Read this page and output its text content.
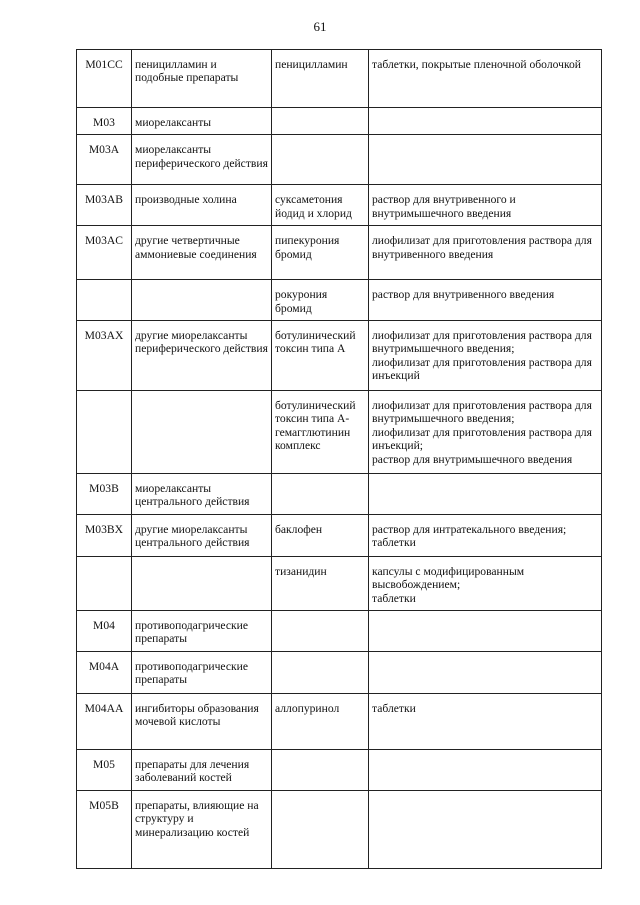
61
M01CC	пеницилламин и подобные препараты	пеницилламин	таблетки, покрытые пленочной оболочкой

M03	миорелаксанты		
M03A	миорелаксанты периферического действия		
M03AB	производные холина	суксаметония йодид и хлорид	раствор для внутривенного и внутримышечного введения

M03AC	другие четвертичные аммониевые соединения	пипекурония бромид	лиофилизат для приготовления раствора для внутривенного введения

		рокурония бромид	раствор для внутривенного введения

M03AX	другие миорелаксанты периферического действия	ботулинический токсин типа А	лиофилизат для приготовления раствора для внутримышечного введения;
лиофилизат для приготовления раствора для инъекций

		ботулинический токсин типа А-гемагглютинин комплекс	лиофилизат для приготовления раствора для внутримышечного введения;
лиофилизат для приготовления раствора для инъекций;
раствор для внутримышечного введения

M03B	миорелаксанты центрального действия		
M03BX	другие миорелаксанты центрального действия	баклофен	раствор для интратекального введения;
таблетки

		тизанидин	капсулы с модифицированным высвобождением;
таблетки

M04	противоподагрические препараты		
M04A	противоподагрические препараты		
M04AA	ингибиторы образования мочевой кислоты	аллопуринол	таблетки

M05	препараты для лечения заболеваний костей		
M05B	препараты, влияющие на структуру и минерализацию костей		
